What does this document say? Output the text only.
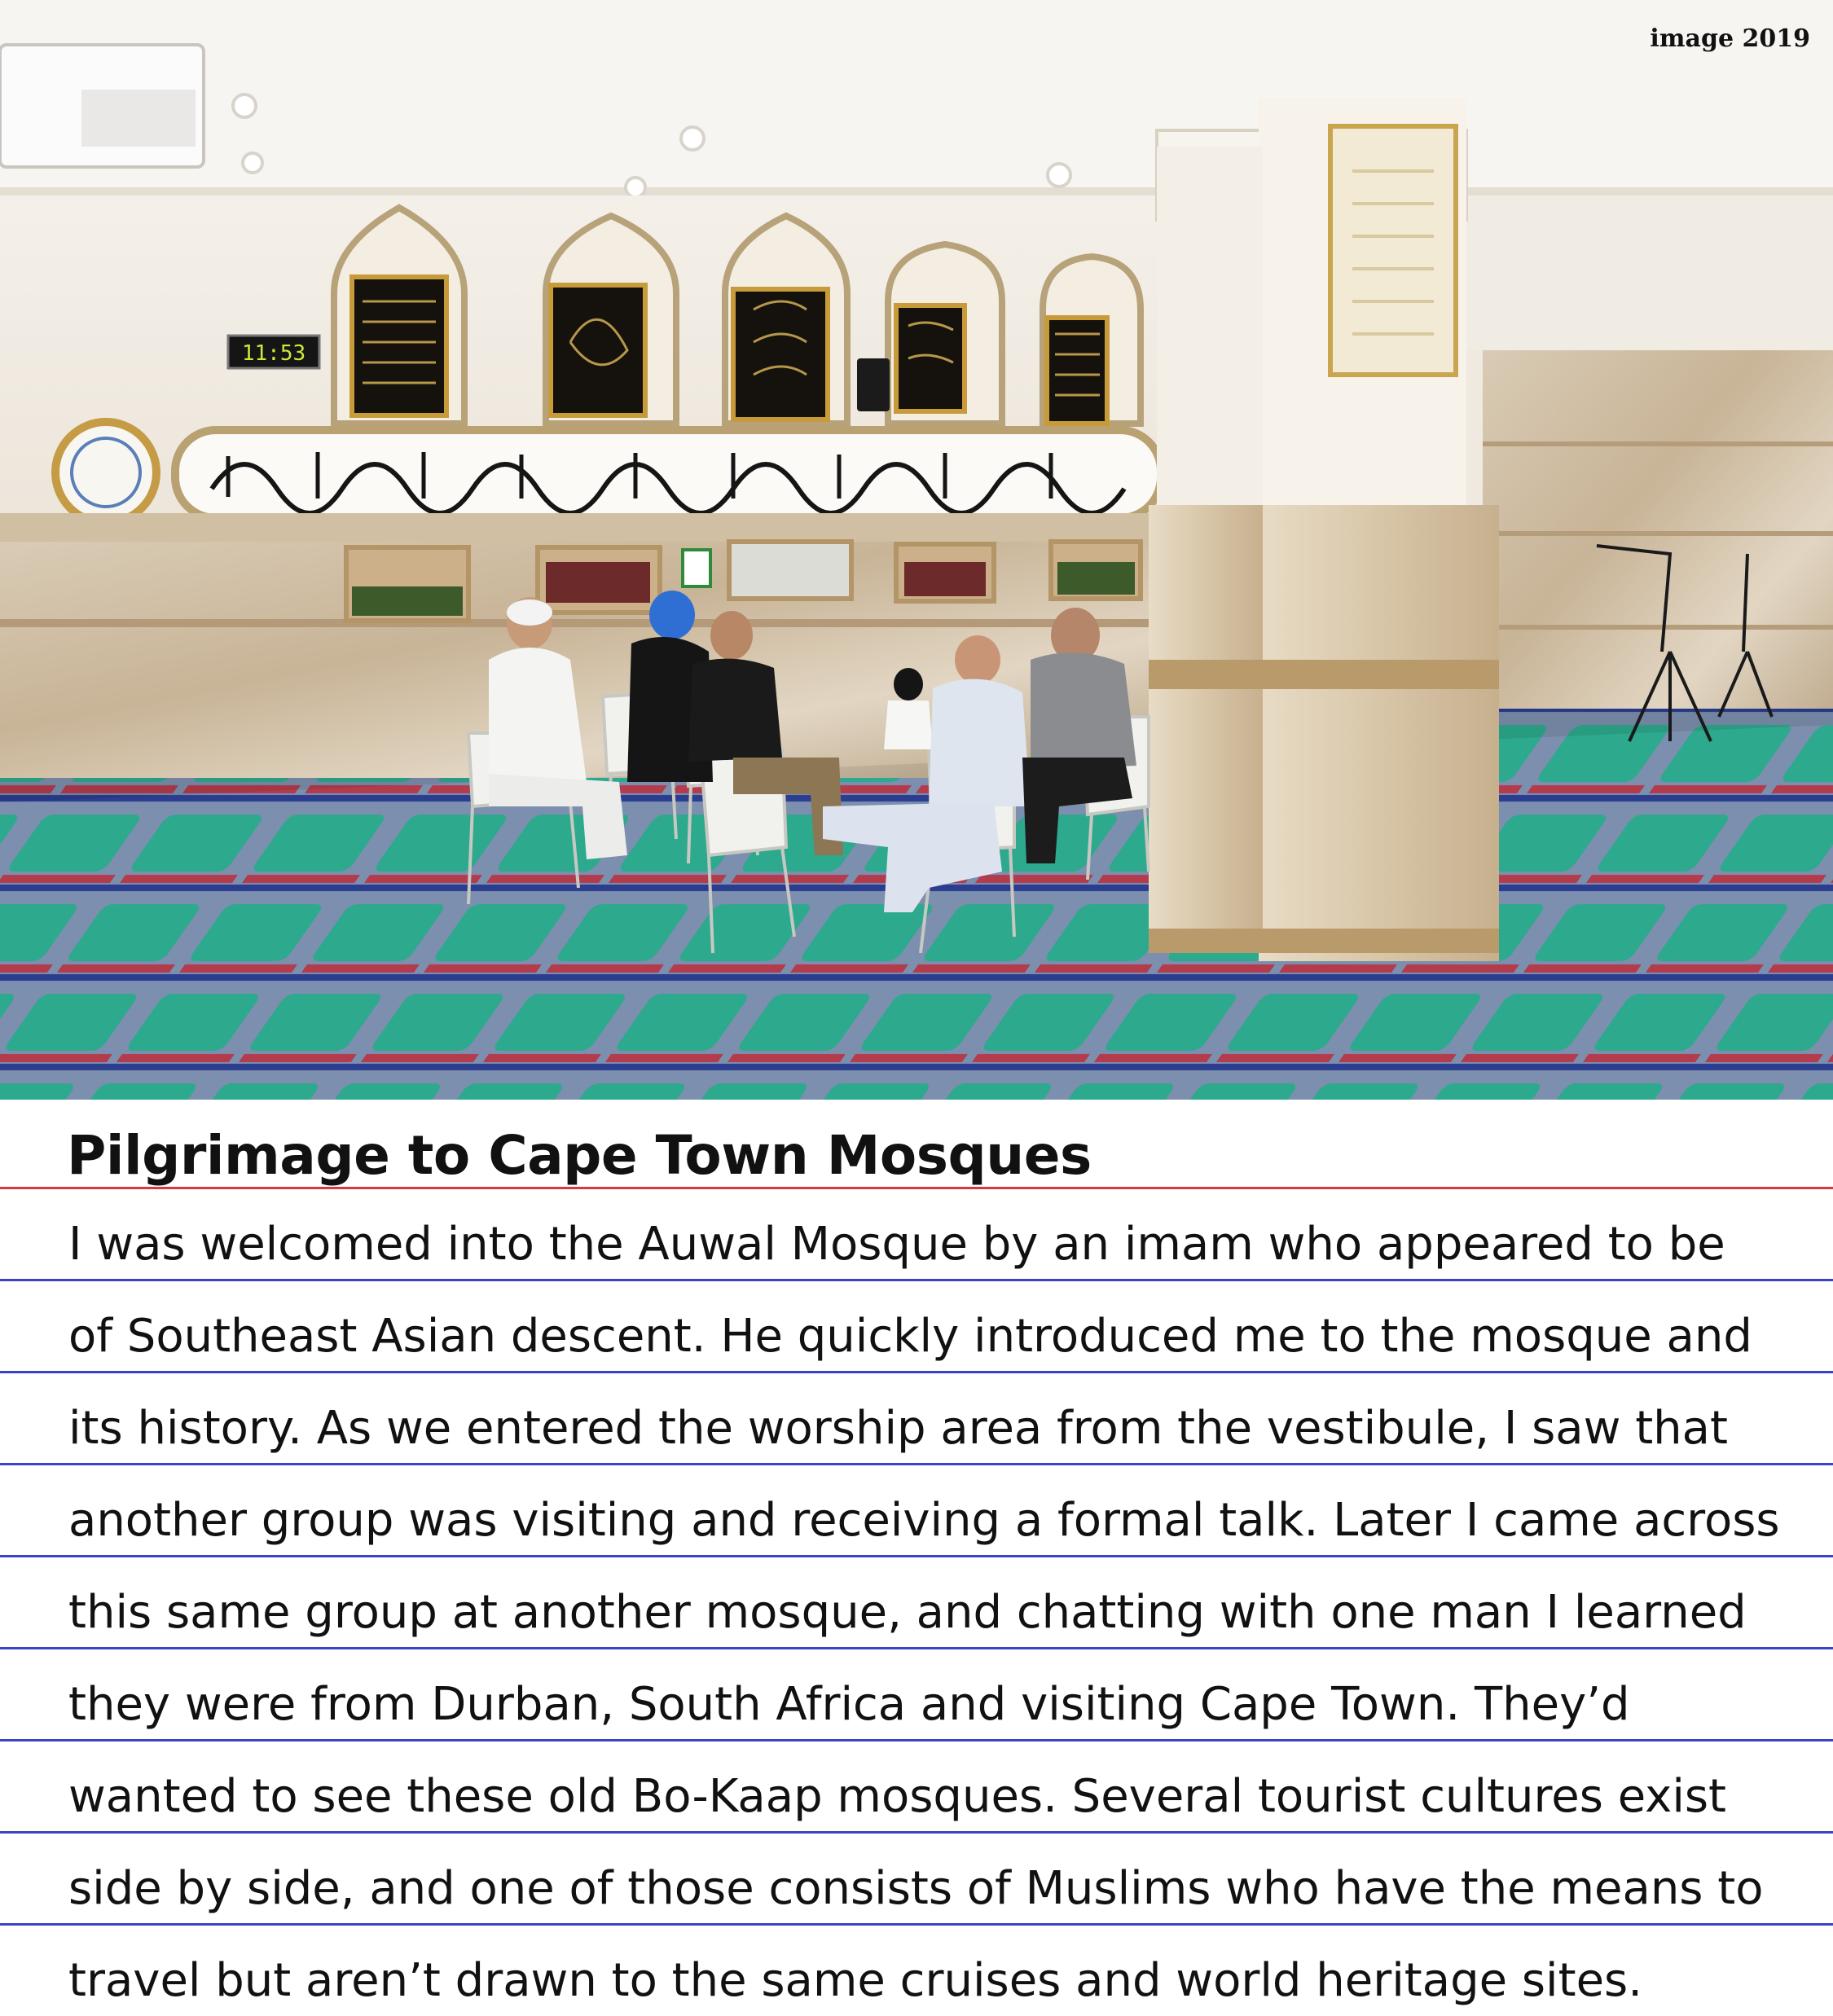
11:53
image 2019
Pilgrimage to Cape Town Mosques
I was welcomed into the Auwal Mosque by an imam who appeared to be
of Southeast Asian descent. He quickly introduced me to the mosque and
its history. As we entered the worship area from the vestibule, I saw that
another group was visiting and receiving a formal talk. Later I came across
this same group at another mosque, and chatting with one man I learned
they were from Durban, South Africa and visiting Cape Town. They’d
wanted to see these old Bo-Kaap mosques. Several tourist cultures exist
side by side, and one of those consists of Muslims who have the means to
travel but aren’t drawn to the same cruises and world heritage sites.
